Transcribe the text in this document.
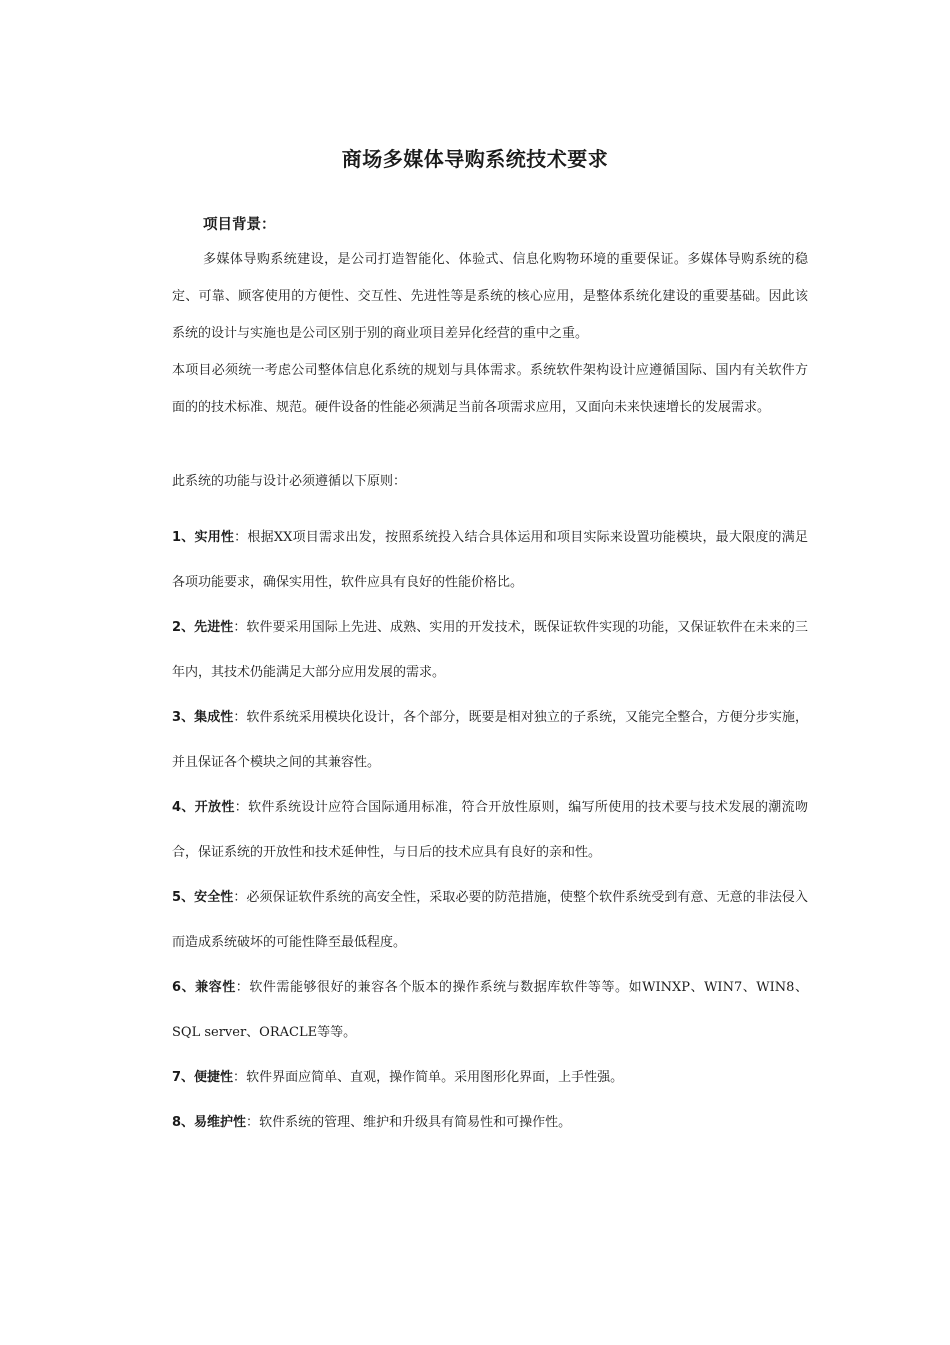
商场多媒体导购系统技术要求
项目背景：

多媒体导购系统建设，是公司打造智能化、体验式、信息化购物环境的重要保证。多媒体导购系统的稳定、可靠、顾客使用的方便性、交互性、先进性等是系统的核心应用，是整体系统化建设的重要基础。因此该系统的设计与实施也是公司区别于别的商业项目差异化经营的重中之重。

本项目必须统一考虑公司整体信息化系统的规划与具体需求。系统软件架构设计应遵循国际、国内有关软件方面的的技术标准、规范。硬件设备的性能必须满足当前各项需求应用，又面向未来快速增长的发展需求。

此系统的功能与设计必须遵循以下原则：

1、实用性：根据XX项目需求出发，按照系统投入结合具体运用和项目实际来设置功能模块，最大限度的满足各项功能要求，确保实用性，软件应具有良好的性能价格比。
2、先进性：软件要采用国际上先进、成熟、实用的开发技术，既保证软件实现的功能，又保证软件在未来的三年内，其技术仍能满足大部分应用发展的需求。
3、集成性：软件系统采用模块化设计，各个部分，既要是相对独立的子系统，又能完全整合，方便分步实施，并且保证各个模块之间的其兼容性。
4、开放性：软件系统设计应符合国际通用标准，符合开放性原则，编写所使用的技术要与技术发展的潮流吻合，保证系统的开放性和技术延伸性，与日后的技术应具有良好的亲和性。
5、安全性：必须保证软件系统的高安全性，采取必要的防范措施，使整个软件系统受到有意、无意的非法侵入而造成系统破坏的可能性降至最低程度。
6、兼容性：软件需能够很好的兼容各个版本的操作系统与数据库软件等等。如WINXP、WIN7、WIN8、SQL server、ORACLE等等。
7、便捷性：软件界面应简单、直观，操作简单。采用图形化界面，上手性强。
8、易维护性：软件系统的管理、维护和升级具有简易性和可操作性。
